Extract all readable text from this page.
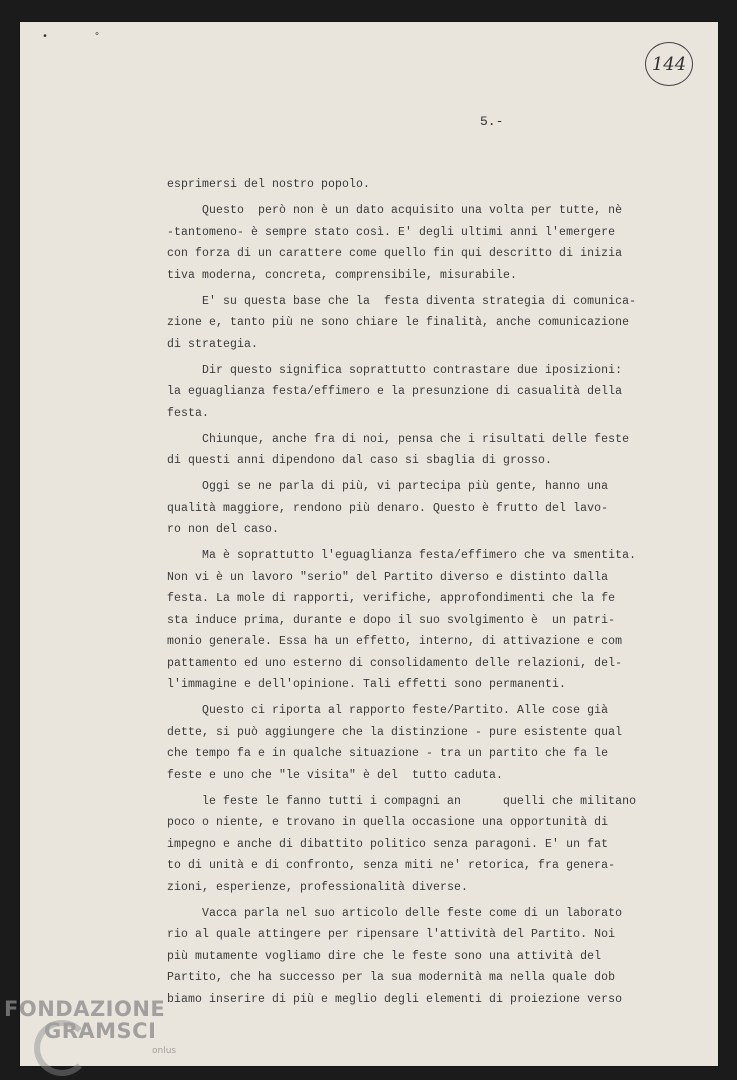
• °
144
5.-
esprimersi del nostro popolo.
Questo  però non è un dato acquisito una volta per tutte, nè
-tantomeno- è sempre stato così. E' degli ultimi anni l'emergere
con forza di un carattere come quello fin qui descritto di inizia
tiva moderna, concreta, comprensibile, misurabile.
E' su questa base che la  festa diventa strategia di comunica-
zione e, tanto più ne sono chiare le finalità, anche comunicazione
di strategia.
Dir questo significa soprattutto contrastare due iposizioni:
la eguaglianza festa/effimero e la presunzione di casualità della
festa.
Chiunque, anche fra di noi, pensa che i risultati delle feste
di questi anni dipendono dal caso si sbaglia di grosso.
Oggi se ne parla di più, vi partecipa più gente, hanno una
qualità maggiore, rendono più denaro. Questo è frutto del lavo-
ro non del caso.
Ma è soprattutto l'eguaglianza festa/effimero che va smentita.
Non vi è un lavoro "serio" del Partito diverso e distinto dalla
festa. La mole di rapporti, verifiche, approfondimenti che la fe
sta induce prima, durante e dopo il suo svolgimento è  un patri-
monio generale. Essa ha un effetto, interno, di attivazione e com
pattamento ed uno esterno di consolidamento delle relazioni, del-
l'immagine e dell'opinione. Tali effetti sono permanenti.
Questo ci riporta al rapporto feste/Partito. Alle cose già
dette, si può aggiungere che la distinzione - pure esistente qual
che tempo fa e in qualche situazione - tra un partito che fa le
feste e uno che "le visita" è del  tutto caduta.
le feste le fanno tutti i compagni an      quelli che militano
poco o niente, e trovano in quella occasione una opportunità di
impegno e anche di dibattito politico senza paragoni. E' un fat
to di unità e di confronto, senza miti ne' retorica, fra genera-
zioni, esperienze, professionalità diverse.
Vacca parla nel suo articolo delle feste come di un laborato
rio al quale attingere per ripensare l'attività del Partito. Noi
più mutamente vogliamo dire che le feste sono una attività del
Partito, che ha successo per la sua modernità ma nella quale dob
biamo inserire di più e meglio degli elementi di proiezione verso
FONDAZIONE
GRAMSCI
onlus
